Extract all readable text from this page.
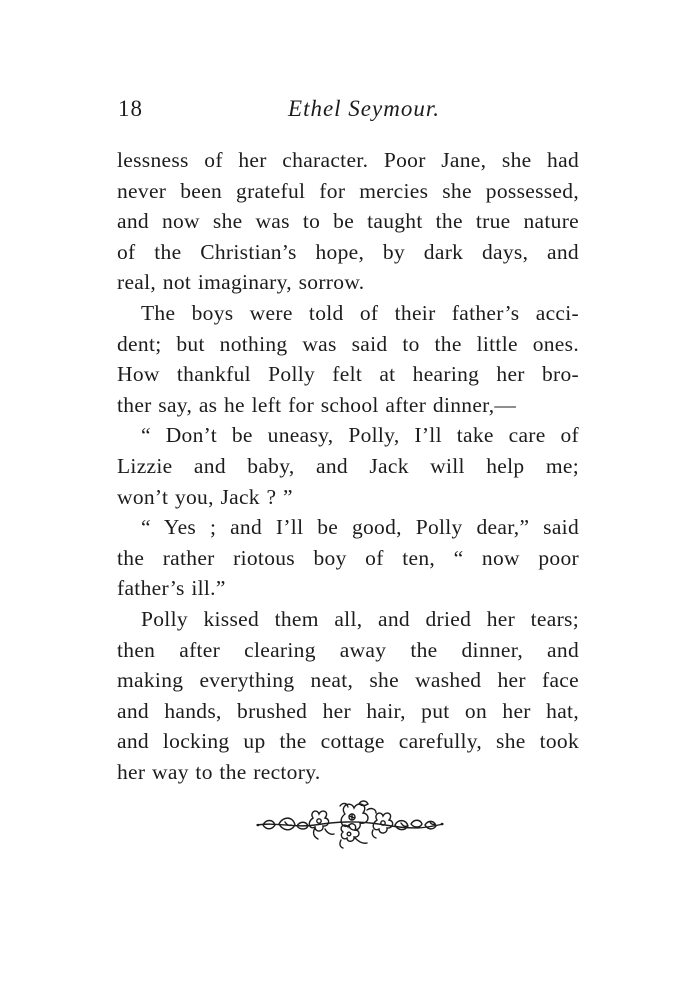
18	Ethel Seymour.

lessness of her character. Poor Jane, she had

never been grateful for mercies she possessed,

and now she was to be taught the true nature

of the Christian’s hope, by dark days, and

real, not imaginary, sorrow.

The boys were told of their father’s acci-

dent; but nothing was said to the little ones.

How thankful Polly felt at hearing her bro-

ther say, as he left for school after dinner,—

“ Don’t be uneasy, Polly, I’ll take care of

Lizzie and baby, and Jack will help me;

won’t you, Jack ? ”

“ Yes ; and I’ll be good, Polly dear,” said

the rather riotous boy of ten, “ now poor

father’s ill.”

Polly kissed them all, and dried her tears;

then after clearing away the dinner, and

making everything neat, she washed her face

and hands, brushed her hair, put on her hat,

and locking up the cottage carefully, she took

her way to the rectory.
